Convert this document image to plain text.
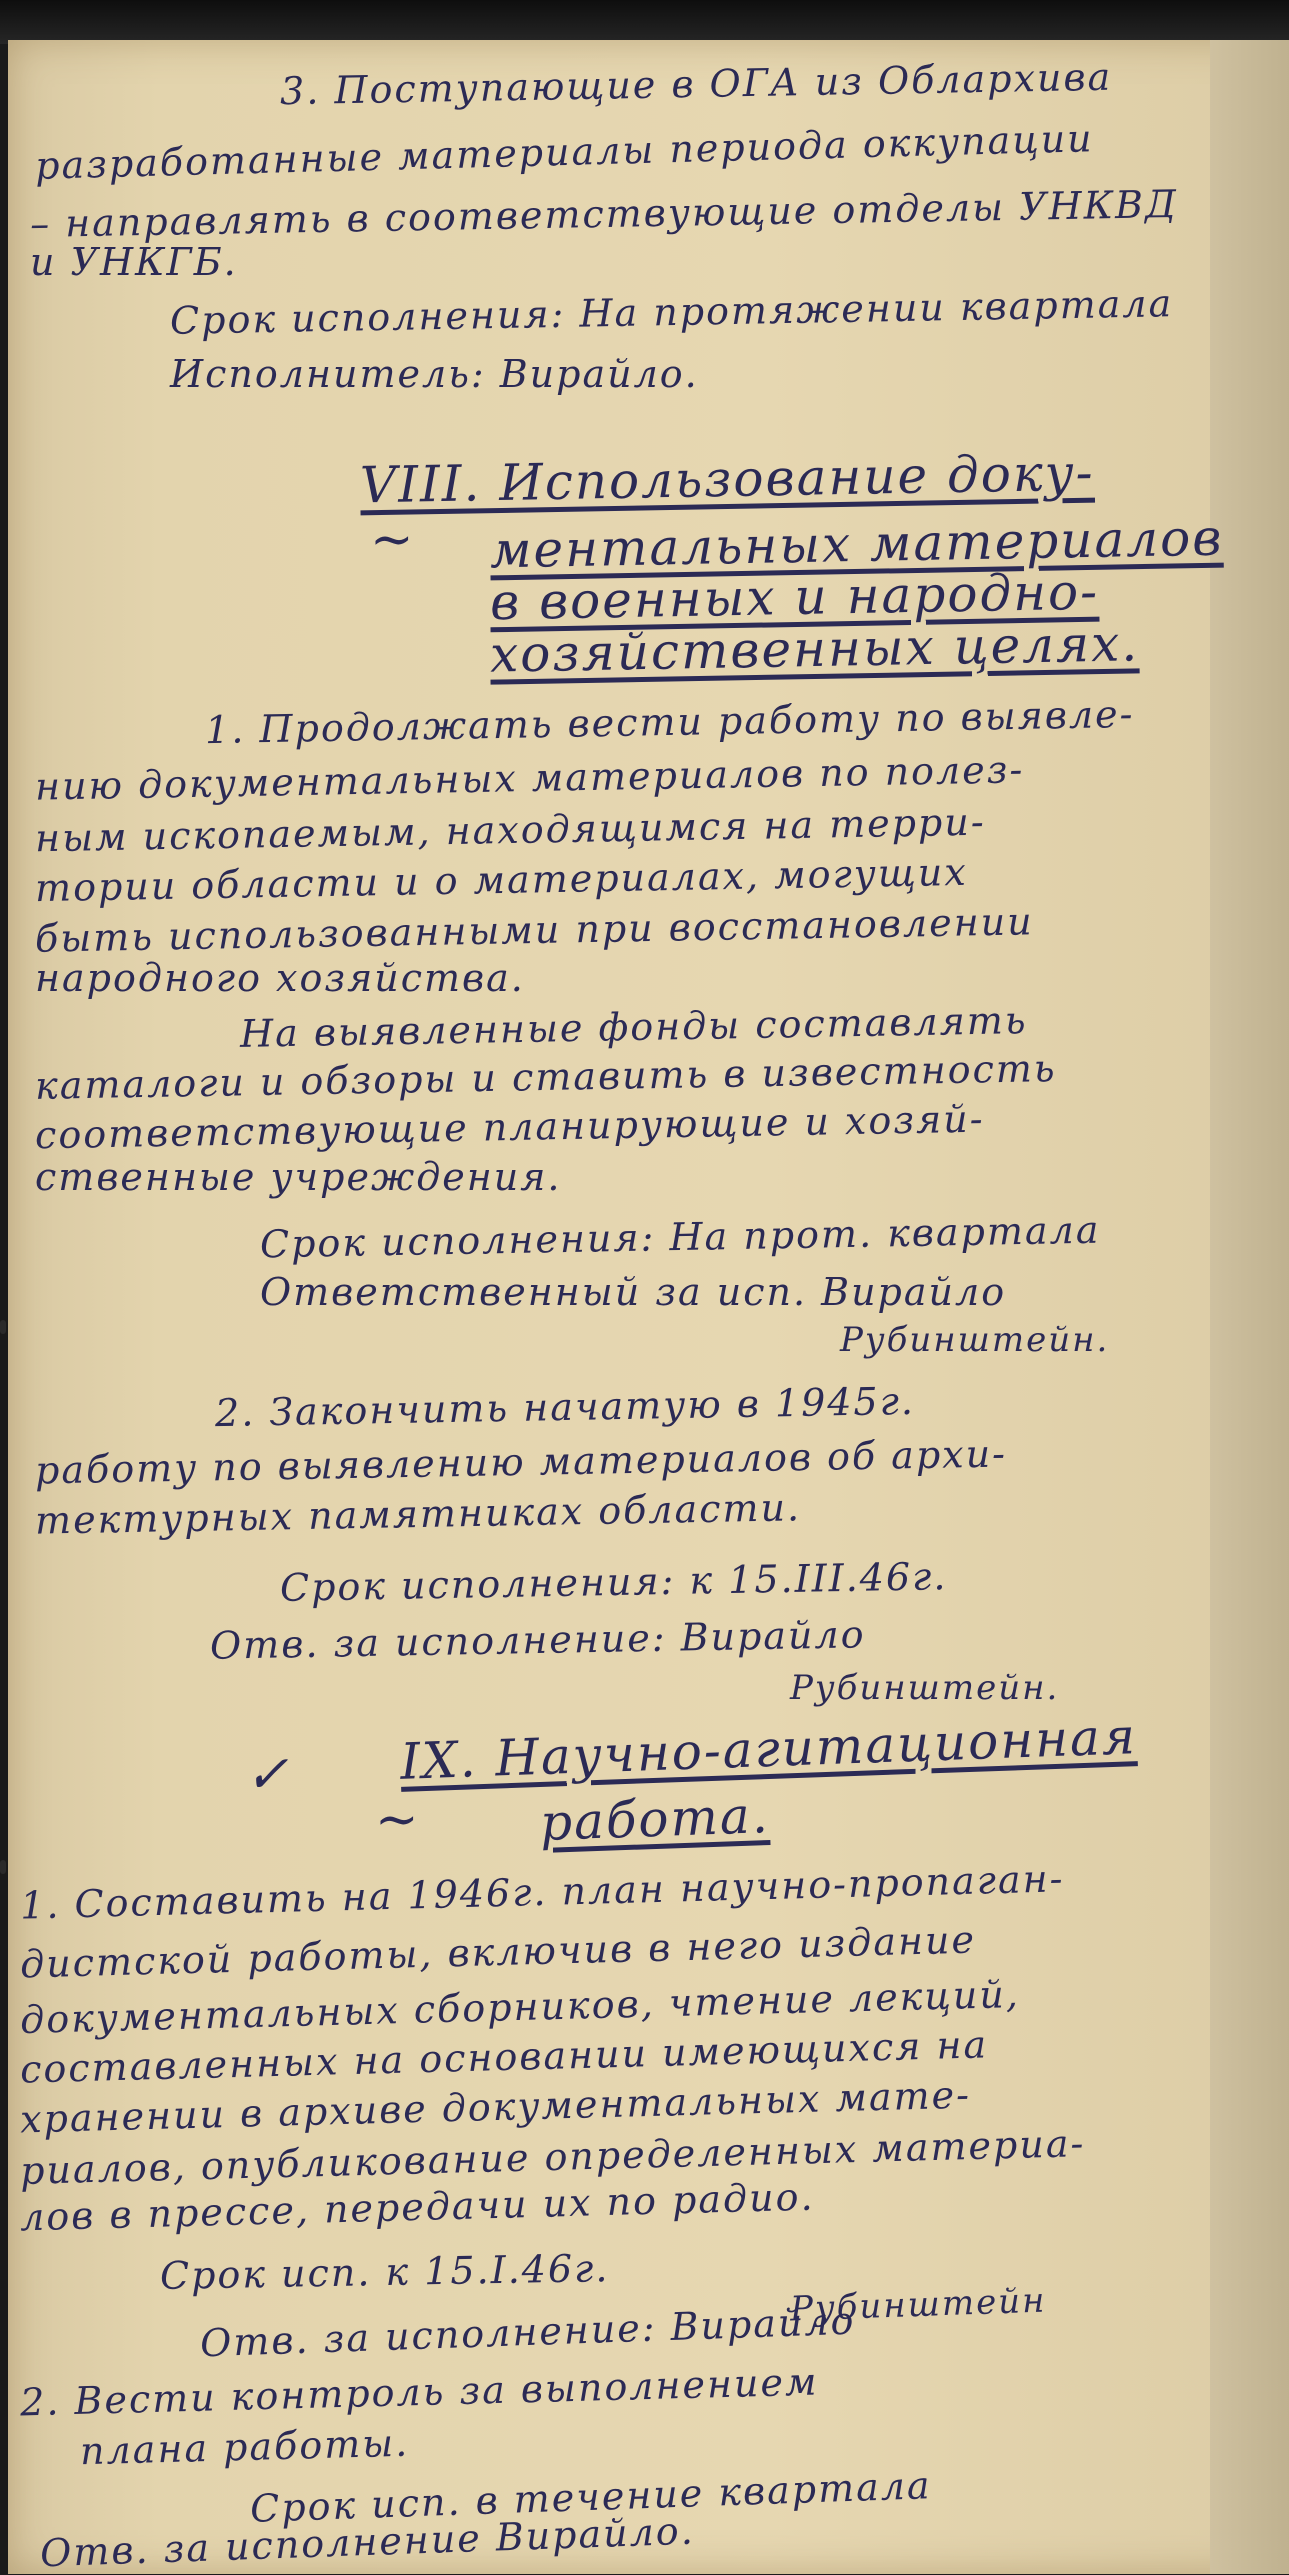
3. Поступающие в ОГА из Облархива
разработанные материалы периода оккупации
– направлять в соответствующие отделы УНКВД
и УНКГБ.
Срок исполнения: На протяжении квартала
Исполнитель: Вирайло.
VIII. Использование доку-
~ ментальных материалов
в военных и народно-
хозяйственных целях.
1. Продолжать вести работу по выявле-
нию документальных материалов по полез-
ным ископаемым, находящимся на терри-
тории области и о материалах, могущих
быть использованными при восстановлении
народного хозяйства.
На выявленные фонды составлять
каталоги и обзоры и ставить в известность
соответствующие планирующие и хозяй-
ственные учреждения.
Срок исполнения: На прот. квартала
Ответственный за исп. Вирайло
Рубинштейн.
2. Закончить начатую в 1945г.
работу по выявлению материалов об архи-
тектурных памятниках области.
Срок исполнения: к 15.III.46г.
Отв. за исполнение: Вирайло
Рубинштейн.
✓ IX. Научно-агитационная
~ работа.
1. Составить на 1946г. план научно-пропаган-
дистской работы, включив в него издание
документальных сборников, чтение лекций,
составленных на основании имеющихся на
хранении в архиве документальных мате-
риалов, опубликование определенных материа-
лов в прессе, передачи их по радио.
Срок исп. к 15.I.46г.
Отв. за исполнение: Вирайло
Рубинштейн
2. Вести контроль за выполнением
плана работы.
Срок исп. в течение квартала
Отв. за исполнение Вирайло.
